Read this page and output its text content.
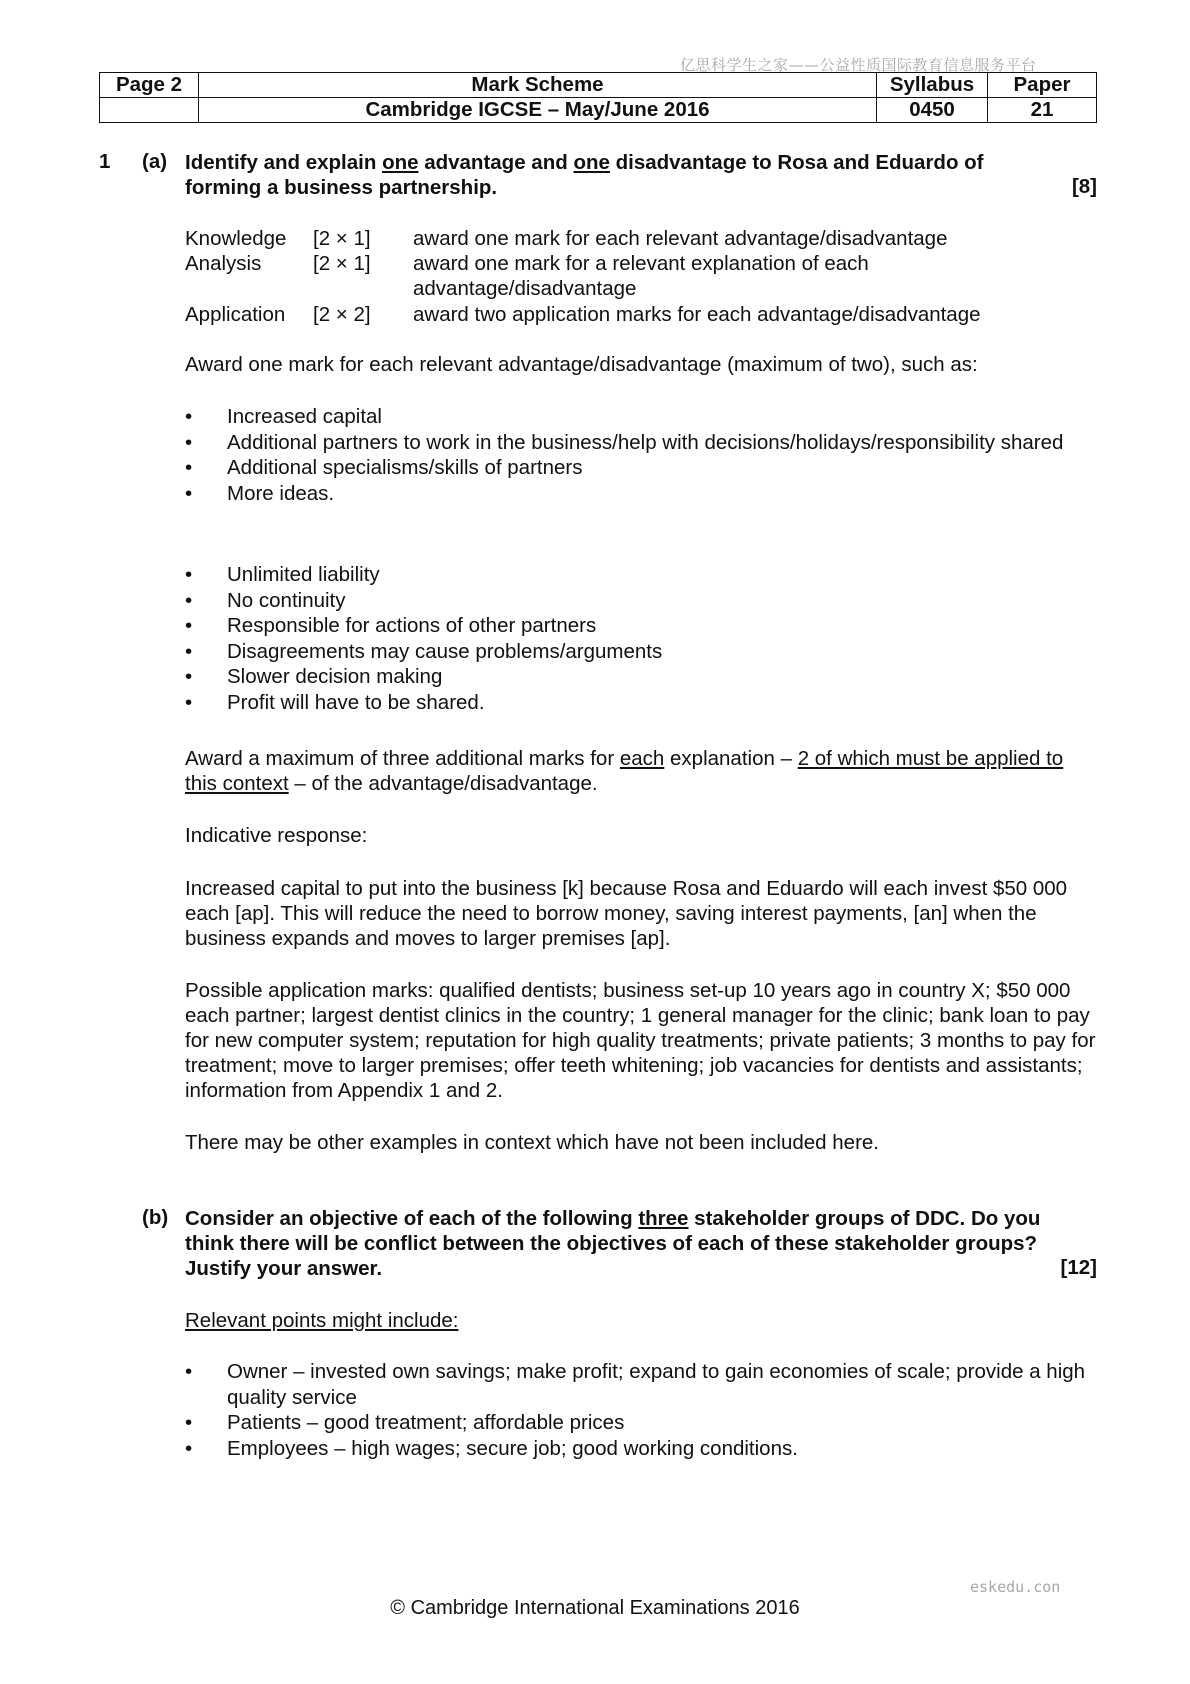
亿思科学生之家——公益性质国际教育信息服务平台
Page 2	Mark Scheme	Syllabus	Paper
	Cambridge IGCSE – May/June 2016	0450	21
1 (a) Identify and explain one advantage and one disadvantage to Rosa and Eduardo of forming a business partnership.	[8]
Knowledge [2 × 1] award one mark for each relevant advantage/disadvantage
Analysis	[2 × 1] award one mark for a relevant explanation of each advantage/disadvantage
Application [2 × 2] award two application marks for each advantage/disadvantage
Award one mark for each relevant advantage/disadvantage (maximum of two), such as:
• Increased capital
• Additional partners to work in the business/help with decisions/holidays/responsibility shared
• Additional specialisms/skills of partners
• More ideas.
• Unlimited liability
• No continuity
• Responsible for actions of other partners
• Disagreements may cause problems/arguments
• Slower decision making
• Profit will have to be shared.
Award a maximum of three additional marks for each explanation – 2 of which must be applied to this context – of the advantage/disadvantage.
Indicative response:
Increased capital to put into the business [k] because Rosa and Eduardo will each invest $50 000 each [ap]. This will reduce the need to borrow money, saving interest payments, [an] when the business expands and moves to larger premises [ap].
Possible application marks: qualified dentists; business set-up 10 years ago in country X; $50 000 each partner; largest dentist clinics in the country; 1 general manager for the clinic; bank loan to pay for new computer system; reputation for high quality treatments; private patients; 3 months to pay for treatment; move to larger premises; offer teeth whitening; job vacancies for dentists and assistants; information from Appendix 1 and 2.
There may be other examples in context which have not been included here.
(b) Consider an objective of each of the following three stakeholder groups of DDC. Do you think there will be conflict between the objectives of each of these stakeholder groups? Justify your answer.	[12]
Relevant points might include:
• Owner – invested own savings; make profit; expand to gain economies of scale; provide a high quality service
• Patients – good treatment; affordable prices
• Employees – high wages; secure job; good working conditions.
eskedu.con
© Cambridge International Examinations 2016
